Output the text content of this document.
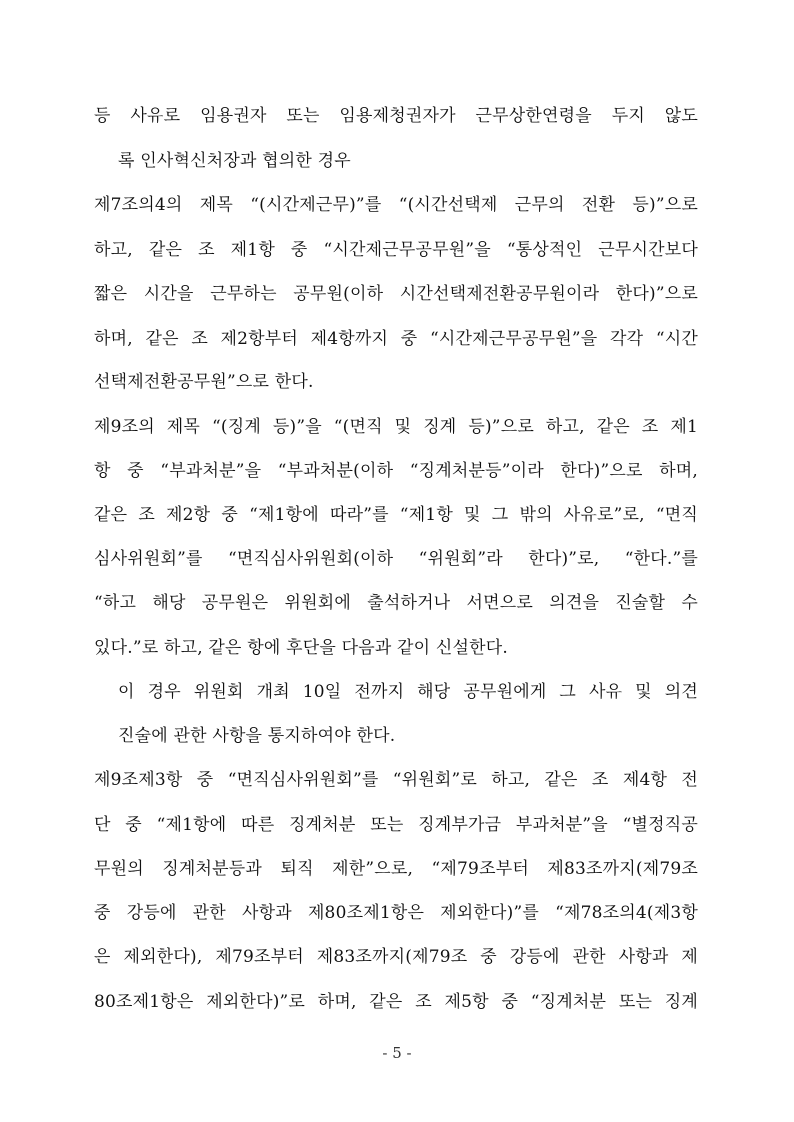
등 사유로 임용권자 또는 임용제청권자가 근무상한연령을 두지 않도
록 인사혁신처장과 협의한 경우
제7조의4의 제목 “(시간제근무)”를 “(시간선택제 근무의 전환 등)”으로
하고, 같은 조 제1항 중 “시간제근무공무원”을 “통상적인 근무시간보다
짧은 시간을 근무하는 공무원(이하 시간선택제전환공무원이라 한다)”으로
하며, 같은 조 제2항부터 제4항까지 중 “시간제근무공무원”을 각각 “시간
선택제전환공무원”으로 한다.
제9조의 제목 “(징계 등)”을 “(면직 및 징계 등)”으로 하고, 같은 조 제1
항 중 “부과처분”을 “부과처분(이하 “징계처분등”이라 한다)”으로 하며,
같은 조 제2항 중 “제1항에 따라”를 “제1항 및 그 밖의 사유로”로, “면직
심사위원회”를 “면직심사위원회(이하 “위원회”라 한다)”로, “한다.”를
“하고 해당 공무원은 위원회에 출석하거나 서면으로 의견을 진술할 수
있다.”로 하고, 같은 항에 후단을 다음과 같이 신설한다.
이 경우 위원회 개최 10일 전까지 해당 공무원에게 그 사유 및 의견
진술에 관한 사항을 통지하여야 한다.
제9조제3항 중 “면직심사위원회”를 “위원회”로 하고, 같은 조 제4항 전
단 중 “제1항에 따른 징계처분 또는 징계부가금 부과처분”을 “별정직공
무원의 징계처분등과 퇴직 제한”으로, “제79조부터 제83조까지(제79조
중 강등에 관한 사항과 제80조제1항은 제외한다)”를 “제78조의4(제3항
은 제외한다), 제79조부터 제83조까지(제79조 중 강등에 관한 사항과 제
80조제1항은 제외한다)”로 하며, 같은 조 제5항 중 “징계처분 또는 징계
- 5 -
